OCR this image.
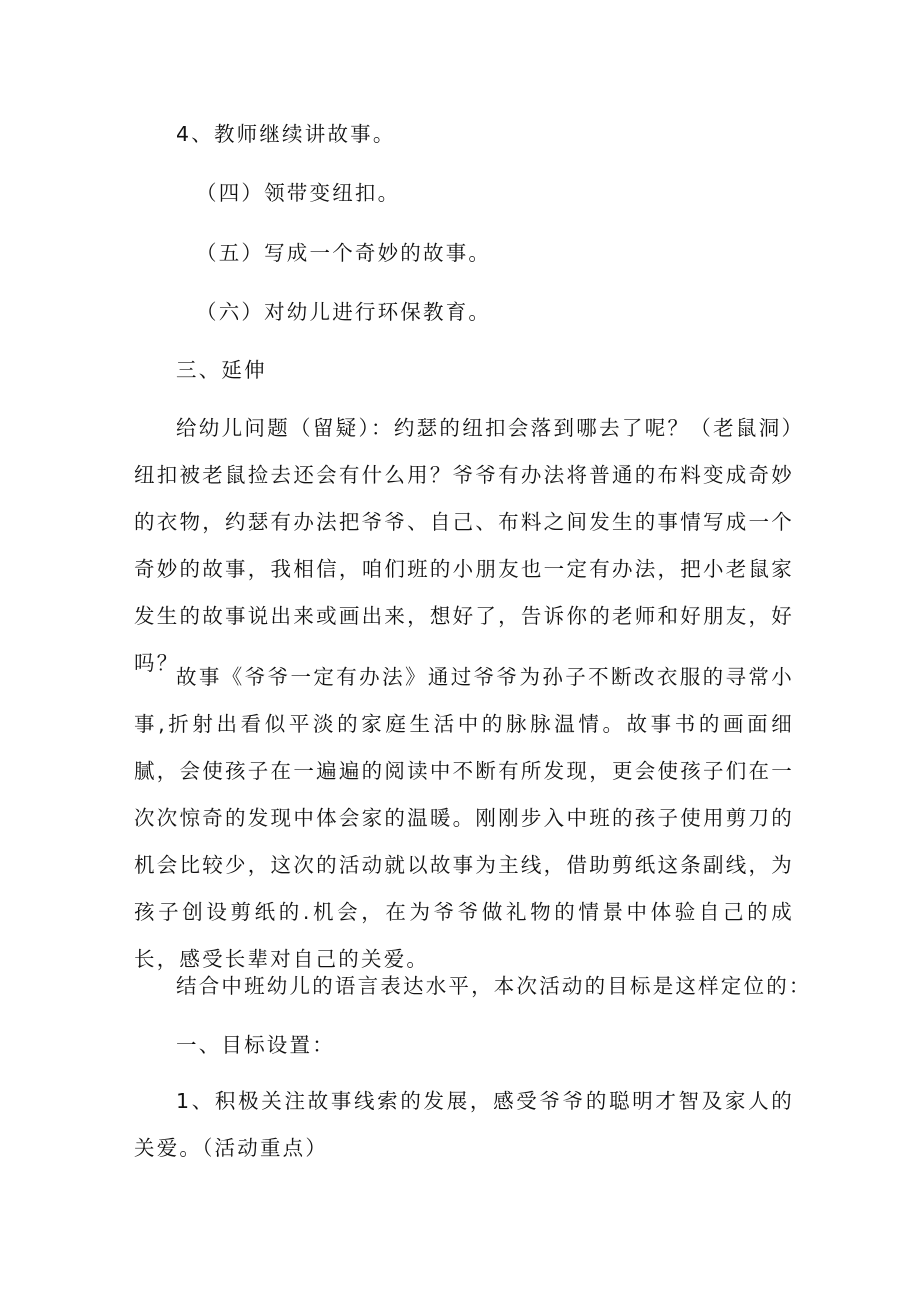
4、教师继续讲故事。
（四）领带变纽扣。
（五）写成一个奇妙的故事。
（六）对幼儿进行环保教育。
三、延伸

给幼儿问题（留疑）：约瑟的纽扣会落到哪去了呢？（老鼠洞）纽扣被老鼠捡去还会有什么用？爷爷有办法将普通的布料变成奇妙的衣物，约瑟有办法把爷爷、自己、布料之间发生的事情写成一个奇妙的故事，我相信，咱们班的小朋友也一定有办法，把小老鼠家发生的故事说出来或画出来，想好了，告诉你的老师和好朋友，好吗？

故事《爷爷一定有办法》通过爷爷为孙子不断改衣服的寻常小事,折射出看似平淡的家庭生活中的脉脉温情。故事书的画面细腻，会使孩子在一遍遍的阅读中不断有所发现，更会使孩子们在一次次惊奇的发现中体会家的温暖。刚刚步入中班的孩子使用剪刀的机会比较少，这次的活动就以故事为主线，借助剪纸这条副线，为孩子创设剪纸的.机会，在为爷爷做礼物的情景中体验自己的成长，感受长辈对自己的关爱。

结合中班幼儿的语言表达水平，本次活动的目标是这样定位的：
一、目标设置：

1、积极关注故事线索的发展，感受爷爷的聪明才智及家人的关爱。（活动重点）
